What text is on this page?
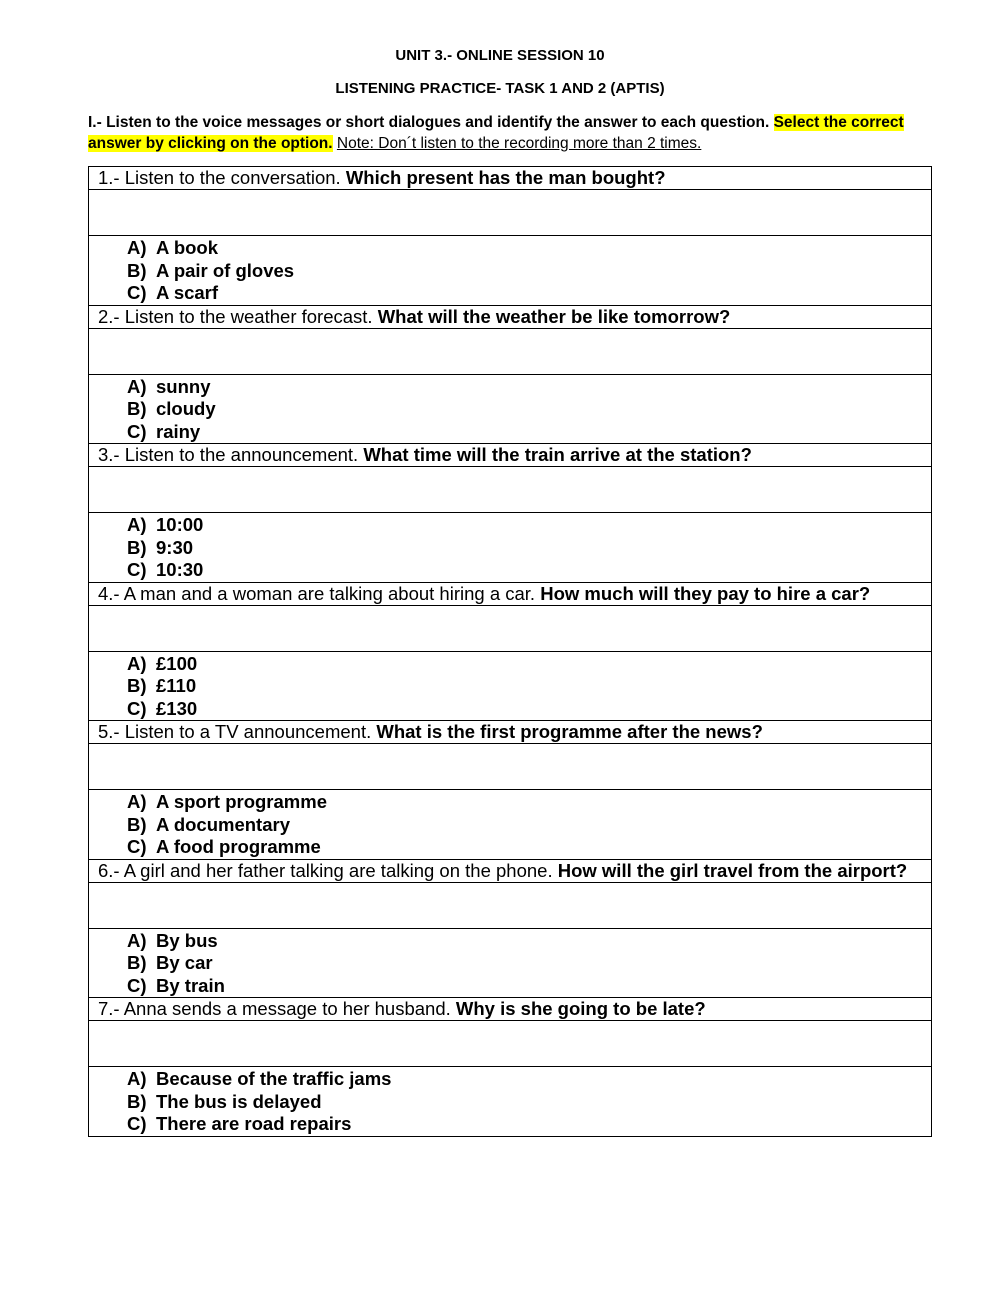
UNIT 3.- ONLINE SESSION 10
LISTENING PRACTICE- TASK 1 AND 2 (APTIS)
I.- Listen to the voice messages or short dialogues and identify the answer to each question. Select the correct answer by clicking on the option. Note: Don´t listen to the recording more than 2 times.
1.- Listen to the conversation. Which present has the man bought?

A) A book
B) A pair of gloves
C) A scarf

2.- Listen to the weather forecast. What will the weather be like tomorrow?

A) sunny
B) cloudy
C) rainy

3.- Listen to the announcement. What time will the train arrive at the station?

A) 10:00
B) 9:30
C) 10:30

4.- A man and a woman are talking about hiring a car. How much will they pay to hire a car?

A) £100
B) £110
C) £130

5.- Listen to a TV announcement. What is the first programme after the news?

A) A sport programme
B) A documentary
C) A food programme

6.- A girl and her father talking are talking on the phone. How will the girl travel from the airport?

A) By bus
B) By car
C) By train

7.- Anna sends a message to her husband. Why is she going to be late?

A) Because of the traffic jams
B) The bus is delayed
C) There are road repairs
